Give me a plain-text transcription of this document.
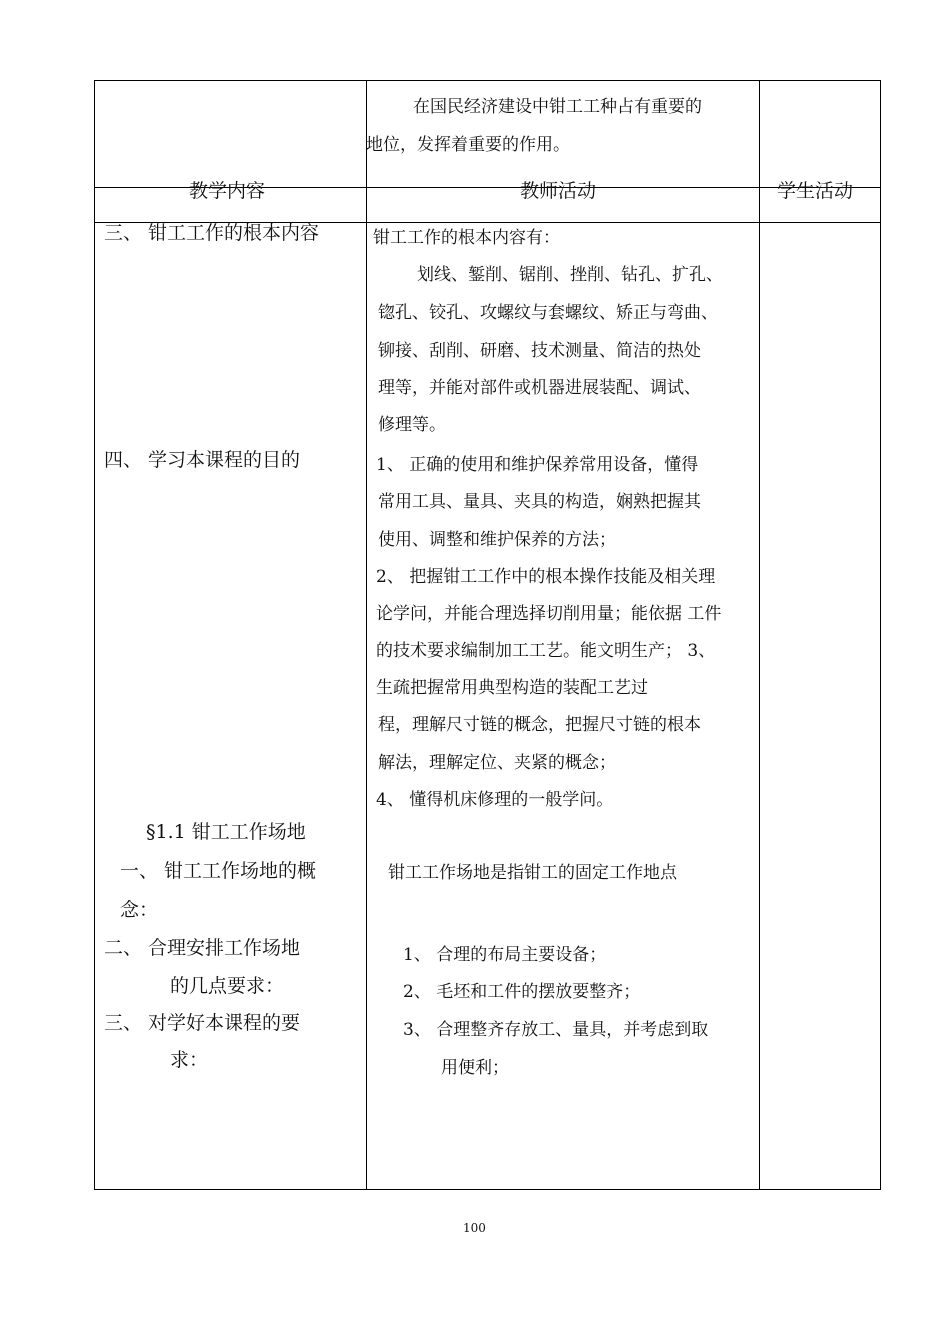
在国民经济建设中钳工工种占有重要的
地位，发挥着重要的作用。
教学内容	教师活动	学生活动
三、 钳工工作的根本内容
四、 学习本课程的目的
§1.1 钳工工作场地
一、 钳工工作场地的概
念：
二、 合理安排工作场地
的几点要求：
三、 对学好本课程的要
求：
钳工工作的根本内容有：
划线、錾削、锯削、挫削、钻孔、扩孔、
锪孔、铰孔、攻螺纹与套螺纹、矫正与弯曲、
铆接、刮削、研磨、技术测量、简洁的热处
理等，并能对部件或机器进展装配、调试、
修理等。
1、 正确的使用和维护保养常用设备，懂得
常用工具、量具、夹具的构造，娴熟把握其
使用、调整和维护保养的方法；
2、 把握钳工工作中的根本操作技能及相关理
论学问，并能合理选择切削用量；能依据 工件
的技术要求编制加工工艺。能文明生产； 3、
生疏把握常用典型构造的装配工艺过
程，理解尺寸链的概念，把握尺寸链的根本
解法，理解定位、夹紧的概念；
4、 懂得机床修理的一般学问。
钳工工作场地是指钳工的固定工作地点
1、 合理的布局主要设备；
2、 毛坯和工件的摆放要整齐；
3、 合理整齐存放工、量具，并考虑到取
用便利；
100
